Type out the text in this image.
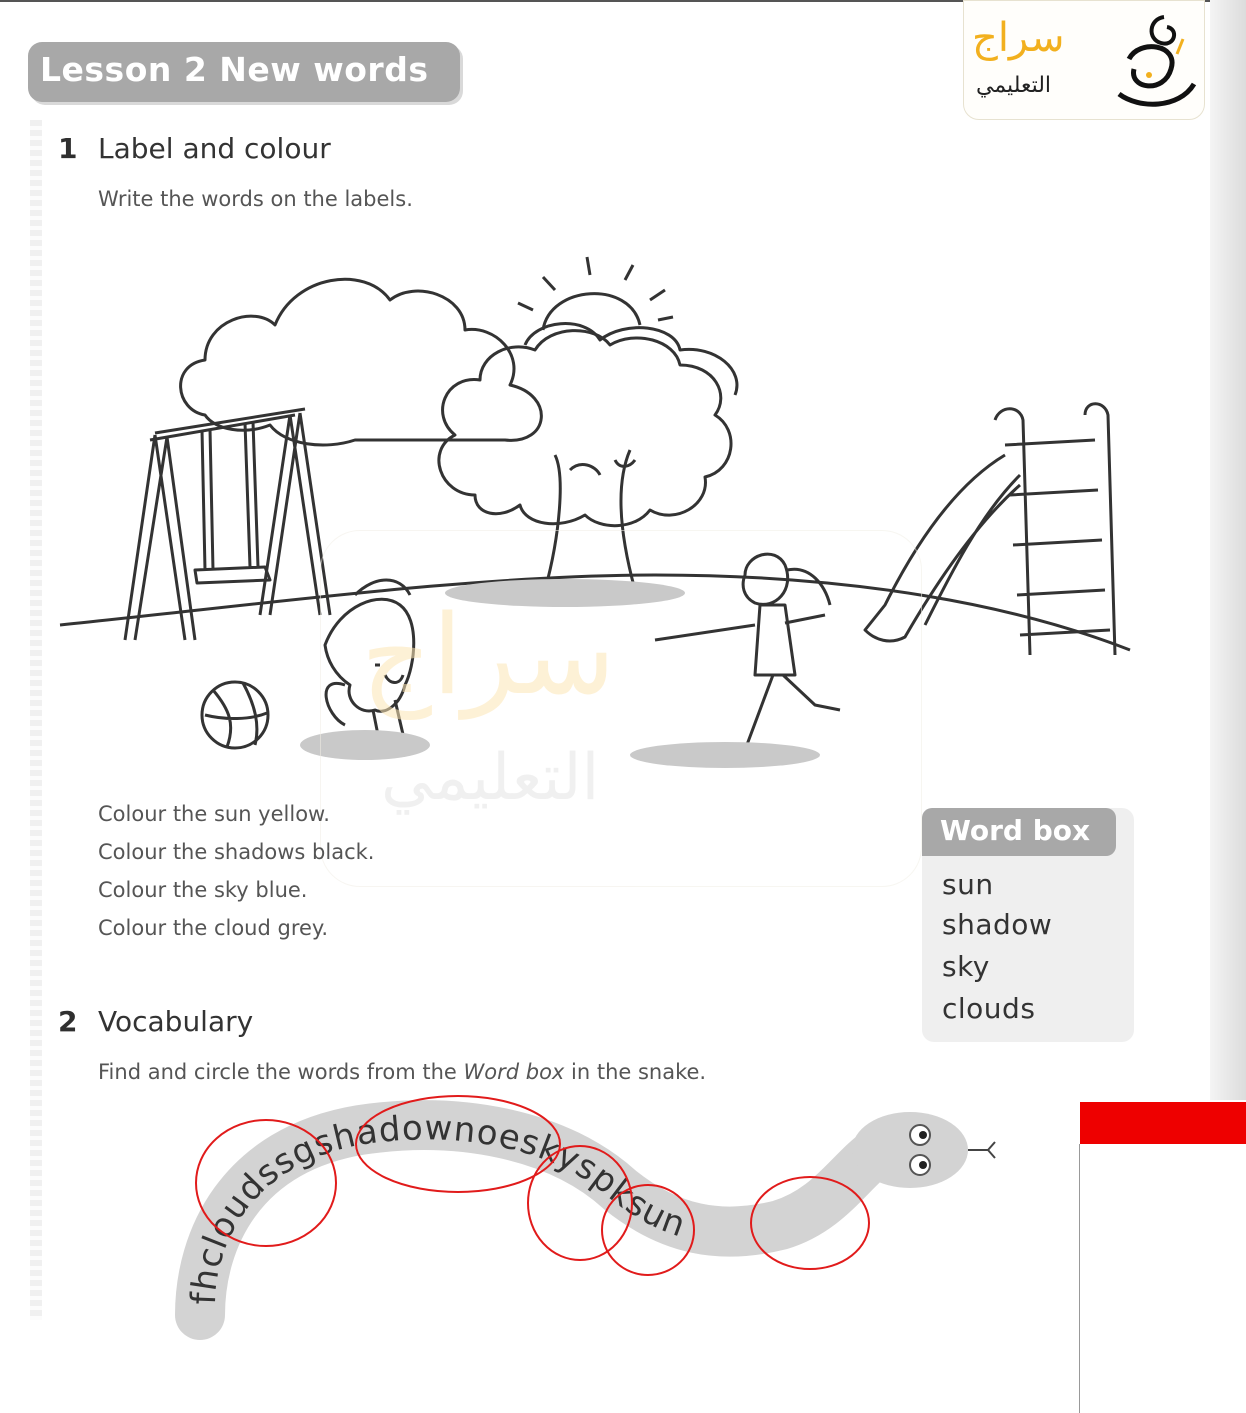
Lesson 2 New words
سراج
التعليمي
1 Label and colour
Write the words on the labels.
سراج
التعليمي
Colour the sun yellow.
Colour the shadows black.
Colour the sky blue.
Colour the cloud grey.
Word box
sun
shadow
sky
clouds
2 Vocabulary
Find and circle the words from the Word box in the snake.
fhcloudssgshadownoeskyspksun
